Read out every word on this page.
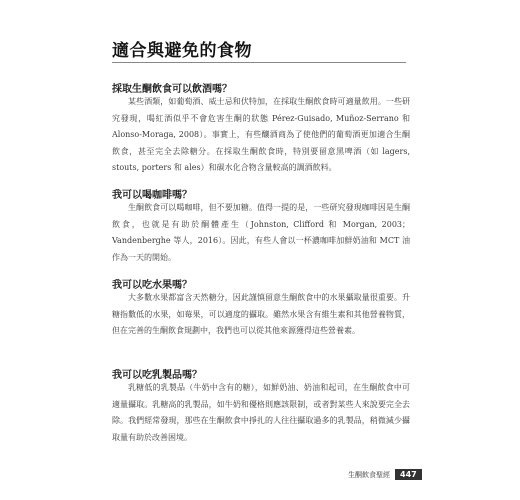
適合與避免的食物
採取生酮飲食可以飲酒嗎？

某些酒類，如葡萄酒、威士忌和伏特加，在採取生酮飲食時可適量飲用。一些研究發現，喝紅酒似乎不會危害生酮的狀態 Pérez-Guisado, Muñoz-Serrano 和 Alonso-Moraga, 2008）。事實上，有些釀酒商為了使他們的葡萄酒更加適合生酮飲食，甚至完全去除糖分。在採取生酮飲食時，特別要留意黑啤酒（如 lagers, stouts, porters 和 ales）和碳水化合物含量較高的調酒飲料。

我可以喝咖啡嗎？

生酮飲食可以喝咖啡，但不要加糖。值得一提的是，一些研究發現咖啡因是生酮飲食，也就是有助於酮體產生（Johnston, Clifford 和 Morgan, 2003；Vandenberghe 等人，2016）。因此，有些人會以一杯濃咖啡加鮮奶油和 MCT 油作為一天的開始。

我可以吃水果嗎？

大多數水果都富含天然糖分，因此謹慎留意生酮飲食中的水果攝取量很重要。升糖指數低的水果，如莓果，可以適度的攝取。雖然水果含有維生素和其他營養物質，但在完善的生酮飲食規劃中，我們也可以從其他來源獲得這些營養素。

我可以吃乳製品嗎？

乳糖低的乳製品（牛奶中含有的糖），如鮮奶油、奶油和起司，在生酮飲食中可適量攝取。乳糖高的乳製品，如牛奶和優格則應該限制，或者對某些人來說要完全去除。我們經常發現，那些在生酮飲食中掙扎的人往往攝取過多的乳製品，稍微減少攝取量有助於改善困境。

生酮飲食聖經	447
